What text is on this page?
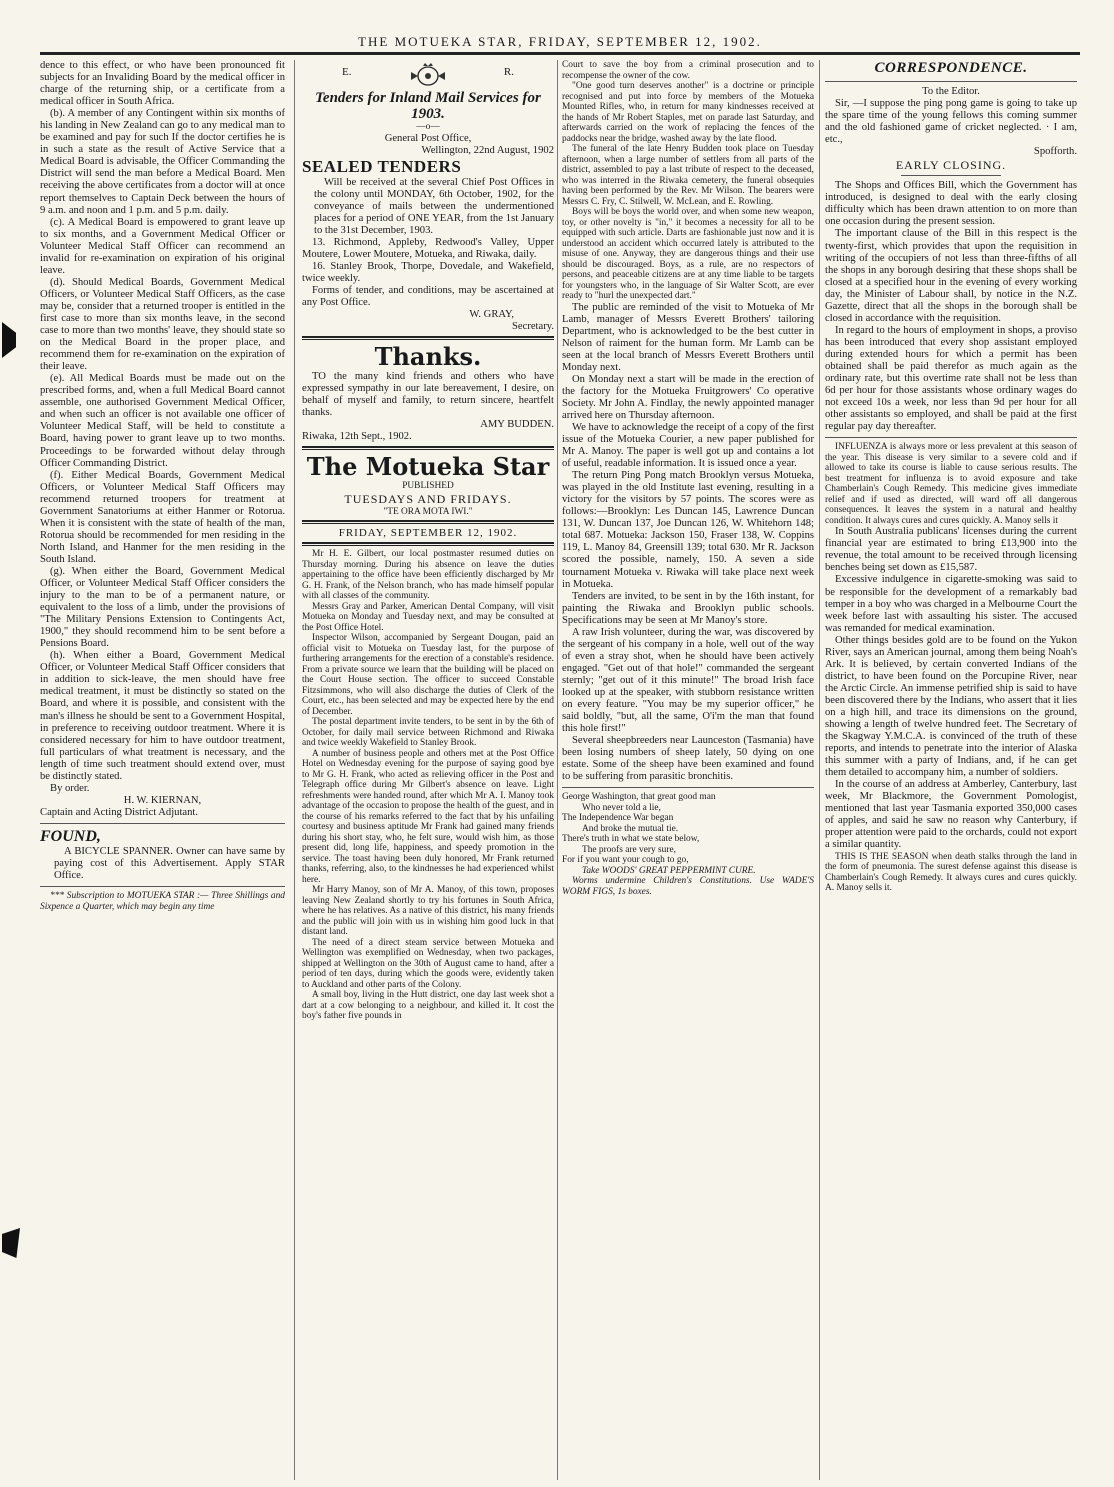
THE MOTUEKA STAR, FRIDAY, SEPTEMBER 12, 1902.

dence to this effect, or who have been pronounced fit subjects for an Invaliding Board by the medical officer in charge of the returning ship, or a certificate from a medical officer in South Africa.

(b). A member of any Contingent within six months of his landing in New Zealand can go to any medical man to be examined and pay for such If the doctor certifies he is in such a state as the result of Active Service that a Medical Board is advisable, the Officer Commanding the District will send the man before a Medical Board. Men receiving the above certificates from a doctor will at once report themselves to Captain Deck between the hours of 9 a.m. and noon and 1 p.m. and 5 p.m. daily.

(c). A Medical Board is empowered to grant leave up to six months, and a Government Medical Officer or Volunteer Medical Staff Officer can recommend an invalid for re-examination on expiration of his original leave.

(d). Should Medical Boards, Government Medical Officers, or Volunteer Medical Staff Officers, as the case may be, consider that a returned trooper is entitled in the first case to more than six months leave, in the second case to more than two months' leave, they should state so on the Medical Board in the proper place, and recommend them for re-examination on the expiration of their leave.

(e). All Medical Boards must be made out on the prescribed forms, and, when a full Medical Board cannot assemble, one authorised Government Medical Officer, and when such an officer is not available one officer of Volunteer Medical Staff, will be held to constitute a Board, having power to grant leave up to two months. Proceedings to be forwarded without delay through Officer Commanding District.

(f). Either Medical Boards, Government Medical Officers, or Volunteer Medical Staff Officers may recommend returned troopers for treatment at Government Sanatoriums at either Hanmer or Rotorua. When it is consistent with the state of health of the man, Rotorua should be recommended for men residing in the North Island, and Hanmer for the men residing in the South Island.

(g). When either the Board, Government Medical Officer, or Volunteer Medical Staff Officer considers the injury to the man to be of a permanent nature, or equivalent to the loss of a limb, under the provisions of "The Military Pensions Extension to Contingents Act, 1900," they should recommend him to be sent before a Pensions Board.

(h). When either a Board, Government Medical Officer, or Volunteer Medical Staff Officer considers that in addition to sick-leave, the men should have free medical treatment, it must be distinctly so stated on the Board, and where it is possible, and consistent with the man's illness he should be sent to a Government Hospital, in preference to receiving outdoor treatment. Where it is considered necessary for him to have outdoor treatment, full particulars of what treatment is necessary, and the length of time such treatment should extend over, must be distinctly stated.

By order.

H. W. KIERNAN,

Captain and Acting District Adjutant.

FOUND,

A BICYCLE SPANNER. Owner can have same by paying cost of this Advertisement. Apply STAR Office.

*** Subscription to MOTUEKA STAR :— Three Shillings and Sixpence a Quarter, which may begin any time

E.	R.
Tenders for Inland Mail Services for 1903.

—o—

General Post Office,

Wellington, 22nd August, 1902

SEALED TENDERS

Will be received at the several Chief Post Offices in the colony until MONDAY, 6th October, 1902, for the conveyance of mails between the undermentioned places for a period of ONE YEAR, from the 1st January to the 31st December, 1903.

13. Richmond, Appleby, Redwood's Valley, Upper Moutere, Lower Moutere, Motueka, and Riwaka, daily.

16. Stanley Brook, Thorpe, Dovedale, and Wakefield, twice weekly.

Forms of tender, and conditions, may be ascertained at any Post Office.

W. GRAY,

Secretary.

Thanks.

TO the many kind friends and others who have expressed sympathy in our late bereavement, I desire, on behalf of myself and family, to return sincere, heartfelt thanks.

AMY BUDDEN.

Riwaka, 12th Sept., 1902.

The Motueka Star

PUBLISHED

TUESDAYS AND FRIDAYS.

"TE ORA MOTA IWI."

FRIDAY, SEPTEMBER 12, 1902.

Mr H. E. Gilbert, our local postmaster resumed duties on Thursday morning. During his absence on leave the duties appertaining to the office have been efficiently discharged by Mr G. H. Frank, of the Nelson branch, who has made himself popular with all classes of the community.

Messrs Gray and Parker, American Dental Company, will visit Motueka on Monday and Tuesday next, and may be consulted at the Post Office Hotel.

Inspector Wilson, accompanied by Sergeant Dougan, paid an official visit to Motueka on Tuesday last, for the purpose of furthering arrangements for the erection of a constable's residence. From a private source we learn that the building will be placed on the Court House section. The officer to succeed Constable Fitzsimmons, who will also discharge the duties of Clerk of the Court, etc., has been selected and may be expected here by the end of December.

The postal department invite tenders, to be sent in by the 6th of October, for daily mail service between Richmond and Riwaka and twice weekly Wakefield to Stanley Brook.

A number of business people and others met at the Post Office Hotel on Wednesday evening for the purpose of saying good bye to Mr G. H. Frank, who acted as relieving officer in the Post and Telegraph office during Mr Gilbert's absence on leave. Light refreshments were handed round, after which Mr A. I. Manoy took advantage of the occasion to propose the health of the guest, and in the course of his remarks referred to the fact that by his unfailing courtesy and business aptitude Mr Frank had gained many friends during his short stay, who, he felt sure, would wish him, as those present did, long life, happiness, and speedy promotion in the service. The toast having been duly honored, Mr Frank returned thanks, referring, also, to the kindnesses he had experienced whilst here.

Mr Harry Manoy, son of Mr A. Manoy, of this town, proposes leaving New Zealand shortly to try his fortunes in South Africa, where he has relatives. As a native of this district, his many friends and the public will join with us in wishing him good luck in that distant land.

The need of a direct steam service between Motueka and Wellington was exemplified on Wednesday, when two packages, shipped at Wellington on the 30th of August came to hand, after a period of ten days, during which the goods were, evidently taken to Auckland and other parts of the Colony.

A small boy, living in the Hutt district, one day last week shot a dart at a cow belonging to a neighbour, and killed it. It cost the boy's father five pounds in

Court to save the boy from a criminal prosecution and to recompense the owner of the cow.

"One good turn deserves another" is a doctrine or principle recognised and put into force by members of the Motueka Mounted Rifles, who, in return for many kindnesses received at the hands of Mr Robert Staples, met on parade last Saturday, and afterwards carried on the work of replacing the fences of the paddocks near the bridge, washed away by the late flood.

The funeral of the late Henry Budden took place on Tuesday afternoon, when a large number of settlers from all parts of the district, assembled to pay a last tribute of respect to the deceased, who was interred in the Riwaka cemetery, the funeral obsequies having been performed by the Rev. Mr Wilson. The bearers were Messrs C. Fry, C. Stilwell, W. McLean, and E. Rowling.

Boys will be boys the world over, and when some new weapon, toy, or other novelty is "in," it becomes a necessity for all to be equipped with such article. Darts are fashionable just now and it is understood an accident which occurred lately is attributed to the misuse of one. Anyway, they are dangerous things and their use should be discouraged. Boys, as a rule, are no respectors of persons, and peaceable citizens are at any time liable to be targets for youngsters who, in the language of Sir Walter Scott, are ever ready to "hurl the unexpected dart."

The public are reminded of the visit to Motueka of Mr Lamb, manager of Messrs Everett Brothers' tailoring Department, who is acknowledged to be the best cutter in Nelson of raiment for the human form. Mr Lamb can be seen at the local branch of Messrs Everett Brothers until Monday next.

On Monday next a start will be made in the erection of the factory for the Motueka Fruitgrowers' Co operative Society. Mr John A. Findlay, the newly appointed manager arrived here on Thursday afternoon.

We have to acknowledge the receipt of a copy of the first issue of the Motueka Courier, a new paper published for Mr A. Manoy. The paper is well got up and contains a lot of useful, readable information. It is issued once a year.

The return Ping Pong match Brooklyn versus Motueka, was played in the old Institute last evening, resulting in a victory for the visitors by 57 points. The scores were as follows:—Brooklyn: Les Duncan 145, Lawrence Duncan 131, W. Duncan 137, Joe Duncan 126, W. Whitehorn 148; total 687. Motueka: Jackson 150, Fraser 138, W. Coppins 119, L. Manoy 84, Greensill 139; total 630. Mr R. Jackson scored the possible, namely, 150. A seven a side tournament Motueka v. Riwaka will take place next week in Motueka.

Tenders are invited, to be sent in by the 16th instant, for painting the Riwaka and Brooklyn public schools. Specifications may be seen at Mr Manoy's store.

A raw Irish volunteer, during the war, was discovered by the sergeant of his company in a hole, well out of the way of even a stray shot, when he should have been actively engaged. "Get out of that hole!" commanded the sergeant sternly; "get out of it this minute!" The broad Irish face looked up at the speaker, with stubborn resistance written on every feature. "You may be my superior officer," he said boldly, "but, all the same, O'i'm the man that found this hole first!"

Several sheepbreeders near Launceston (Tasmania) have been losing numbers of sheep lately, 50 dying on one estate. Some of the sheep have been examined and found to be suffering from parasitic bronchitis.

George Washington, that great good man

Who never told a lie,

The Independence War began

And broke the mutual tie.

There's truth in what we state below,

The proofs are very sure,

For if you want your cough to go,

Take WOODS' GREAT PEPPERMINT CURE.

Worms undermine Children's Constitutions. Use WADE'S WORM FIGS, 1s boxes.

CORRESPONDENCE.

To the Editor.

Sir, —I suppose the ping pong game is going to take up the spare time of the young fellows this coming summer and the old fashioned game of cricket neglected. · I am, etc.,

Spofforth.

EARLY CLOSING.

The Shops and Offices Bill, which the Government has introduced, is designed to deal with the early closing difficulty which has been drawn attention to on more than one occasion during the present session.

The important clause of the Bill in this respect is the twenty-first, which provides that upon the requisition in writing of the occupiers of not less than three-fifths of all the shops in any borough desiring that these shops shall be closed at a specified hour in the evening of every working day, the Minister of Labour shall, by notice in the N.Z. Gazette, direct that all the shops in the borough shall be closed in accordance with the requisition.

In regard to the hours of employment in shops, a proviso has been introduced that every shop assistant employed during extended hours for which a permit has been obtained shall be paid therefor as much again as the ordinary rate, but this overtime rate shall not be less than 6d per hour for those assistants whose ordinary wages do not exceed 10s a week, nor less than 9d per hour for all other assistants so employed, and shall be paid at the first regular pay day thereafter.

INFLUENZA is always more or less prevalent at this season of the year. This disease is very similar to a severe cold and if allowed to take its course is liable to cause serious results. The best treatment for influenza is to avoid exposure and take Chamberlain's Cough Remedy. This medicine gives immediate relief and if used as directed, will ward off all dangerous consequences. It leaves the system in a natural and healthy condition. It always cures and cures quickly. A. Manoy sells it

In South Australia publicans' licenses during the current financial year are estimated to bring £13,900 into the revenue, the total amount to be received through licensing benches being set down as £15,587.

Excessive indulgence in cigarette-smoking was said to be responsible for the development of a remarkably bad temper in a boy who was charged in a Melbourne Court the week before last with assaulting his sister. The accused was remanded for medical examination.

Other things besides gold are to be found on the Yukon River, says an American journal, among them being Noah's Ark. It is believed, by certain converted Indians of the district, to have been found on the Porcupine River, near the Arctic Circle. An immense petrified ship is said to have been discovered there by the Indians, who assert that it lies on a high hill, and trace its dimensions on the ground, showing a length of twelve hundred feet. The Secretary of the Skagway Y.M.C.A. is convinced of the truth of these reports, and intends to penetrate into the interior of Alaska this summer with a party of Indians, and, if he can get them detailed to accompany him, a number of soldiers.

In the course of an address at Amberley, Canterbury, last week, Mr Blackmore, the Government Pomologist, mentioned that last year Tasmania exported 350,000 cases of apples, and said he saw no reason why Canterbury, if proper attention were paid to the orchards, could not export a similar quantity.

THIS IS THE SEASON when death stalks through the land in the form of pneumonia. The surest defense against this disease is Chamberlain's Cough Remedy. It always cures and cures quickly. A. Manoy sells it.
